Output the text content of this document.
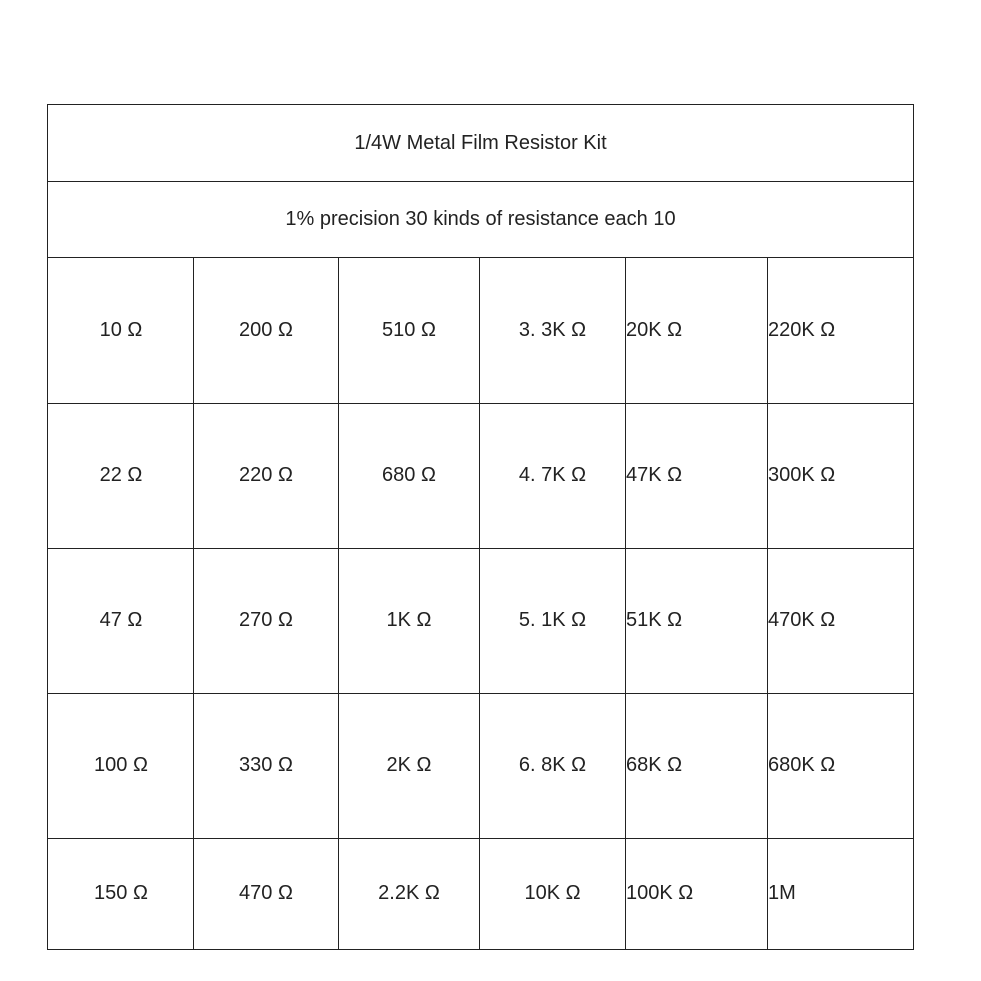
1/4W Metal Film Resistor Kit
1% precision 30 kinds of resistance each 10
10 Ω	200 Ω	510 Ω	3. 3K Ω	20K Ω	220K Ω
22 Ω	220 Ω	680 Ω	4. 7K Ω	47K Ω	300K Ω
47 Ω	270 Ω	1K Ω	5. 1K Ω	51K Ω	470K Ω
100 Ω	330 Ω	2K Ω	6. 8K Ω	68K Ω	680K Ω
150 Ω	470 Ω	2.2K Ω	10K Ω	100K Ω	1M
